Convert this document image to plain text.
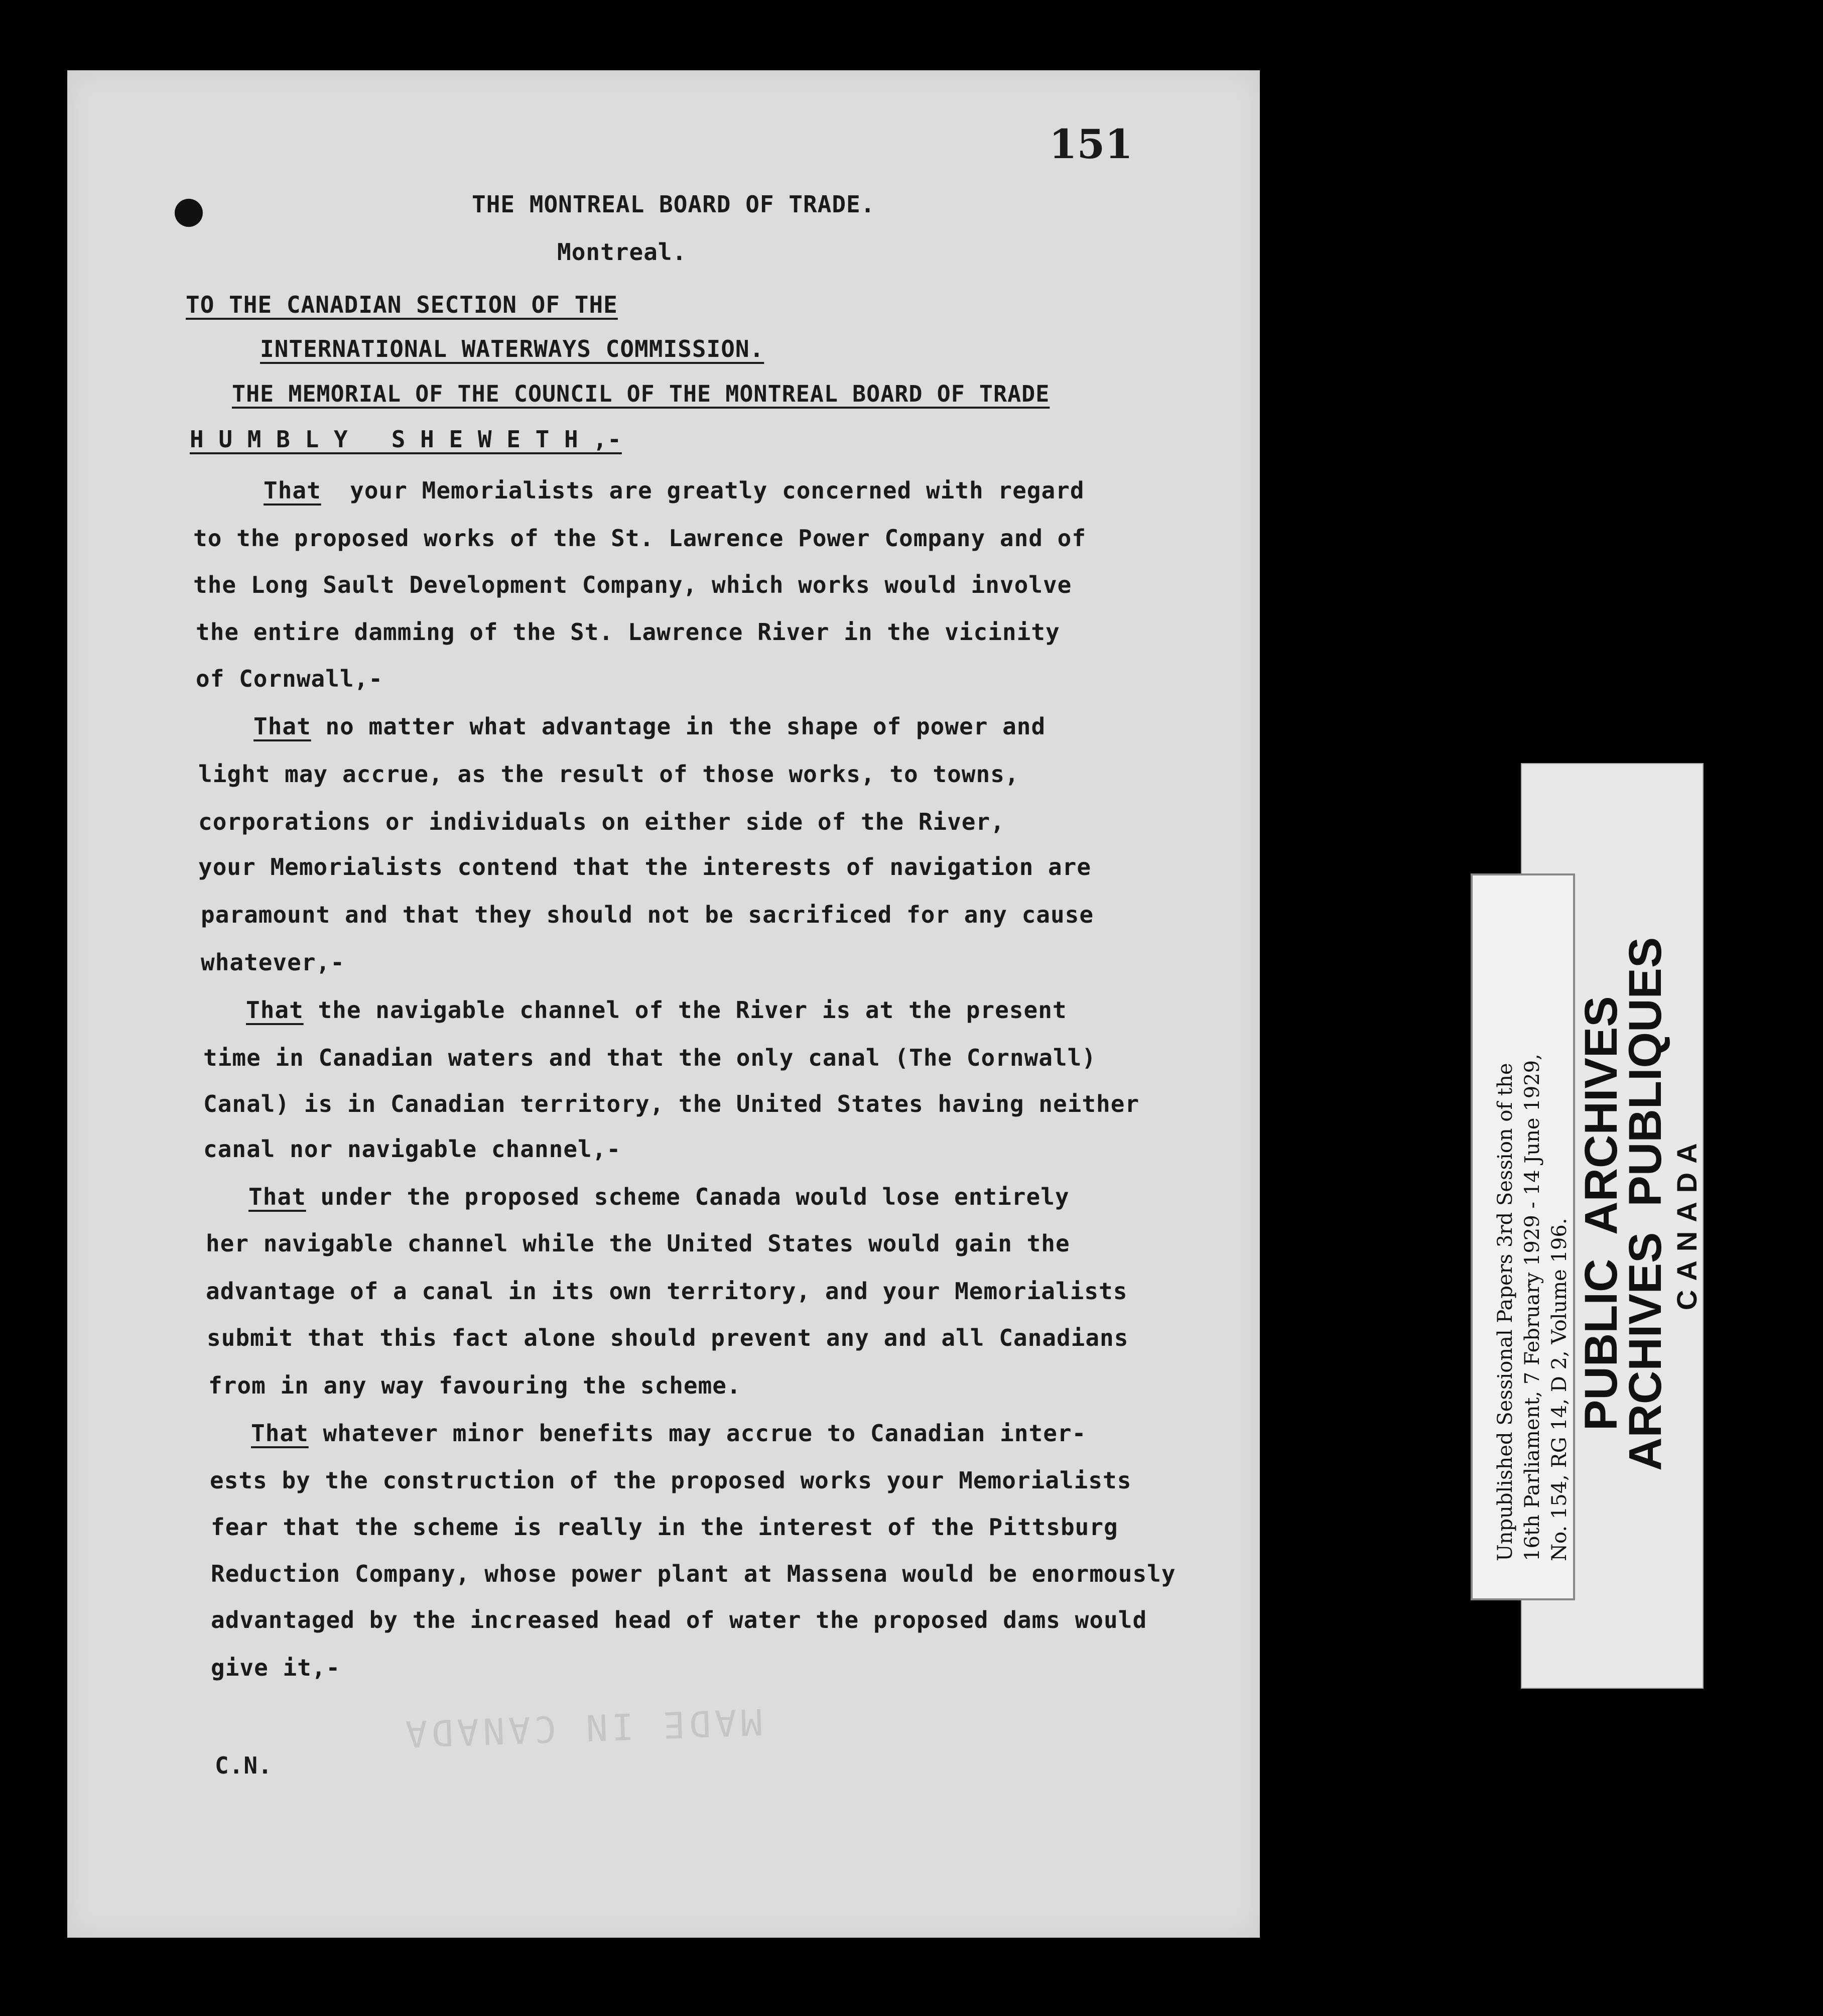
151
THE MONTREAL BOARD OF TRADE.
Montreal.
TO THE CANADIAN SECTION OF THE
INTERNATIONAL WATERWAYS COMMISSION.
THE MEMORIAL OF THE COUNCIL OF THE MONTREAL BOARD OF TRADE
H U M B L Y   S H E W E T H ,-
That  your Memorialists are greatly concerned with regard
to the proposed works of the St. Lawrence Power Company and of
the Long Sault Development Company, which works would involve
the entire damming of the St. Lawrence River in the vicinity
of Cornwall,-
That no matter what advantage in the shape of power and
light may accrue, as the result of those works, to towns,
corporations or individuals on either side of the River,
your Memorialists contend that the interests of navigation are
paramount and that they should not be sacrificed for any cause
whatever,-
That the navigable channel of the River is at the present
time in Canadian waters and that the only canal (The Cornwall)
Canal) is in Canadian territory, the United States having neither
canal nor navigable channel,-
That under the proposed scheme Canada would lose entirely
her navigable channel while the United States would gain the
advantage of a canal in its own territory, and your Memorialists
submit that this fact alone should prevent any and all Canadians
from in any way favouring the scheme.
That whatever minor benefits may accrue to Canadian inter-
ests by the construction of the proposed works your Memorialists
fear that the scheme is really in the interest of the Pittsburg
Reduction Company, whose power plant at Massena would be enormously
advantaged by the increased head of water the proposed dams would
give it,-
C.N.
MADE IN CANADA
Unpublished Sessional Papers 3rd Session of the 16th Parliament, 7 February 1929 - 14 June 1929, No. 154, RG 14, D 2, Volume 196. PUBLIC  ARCHIVES
ARCHIVES  PUBLIQUES CANADA
